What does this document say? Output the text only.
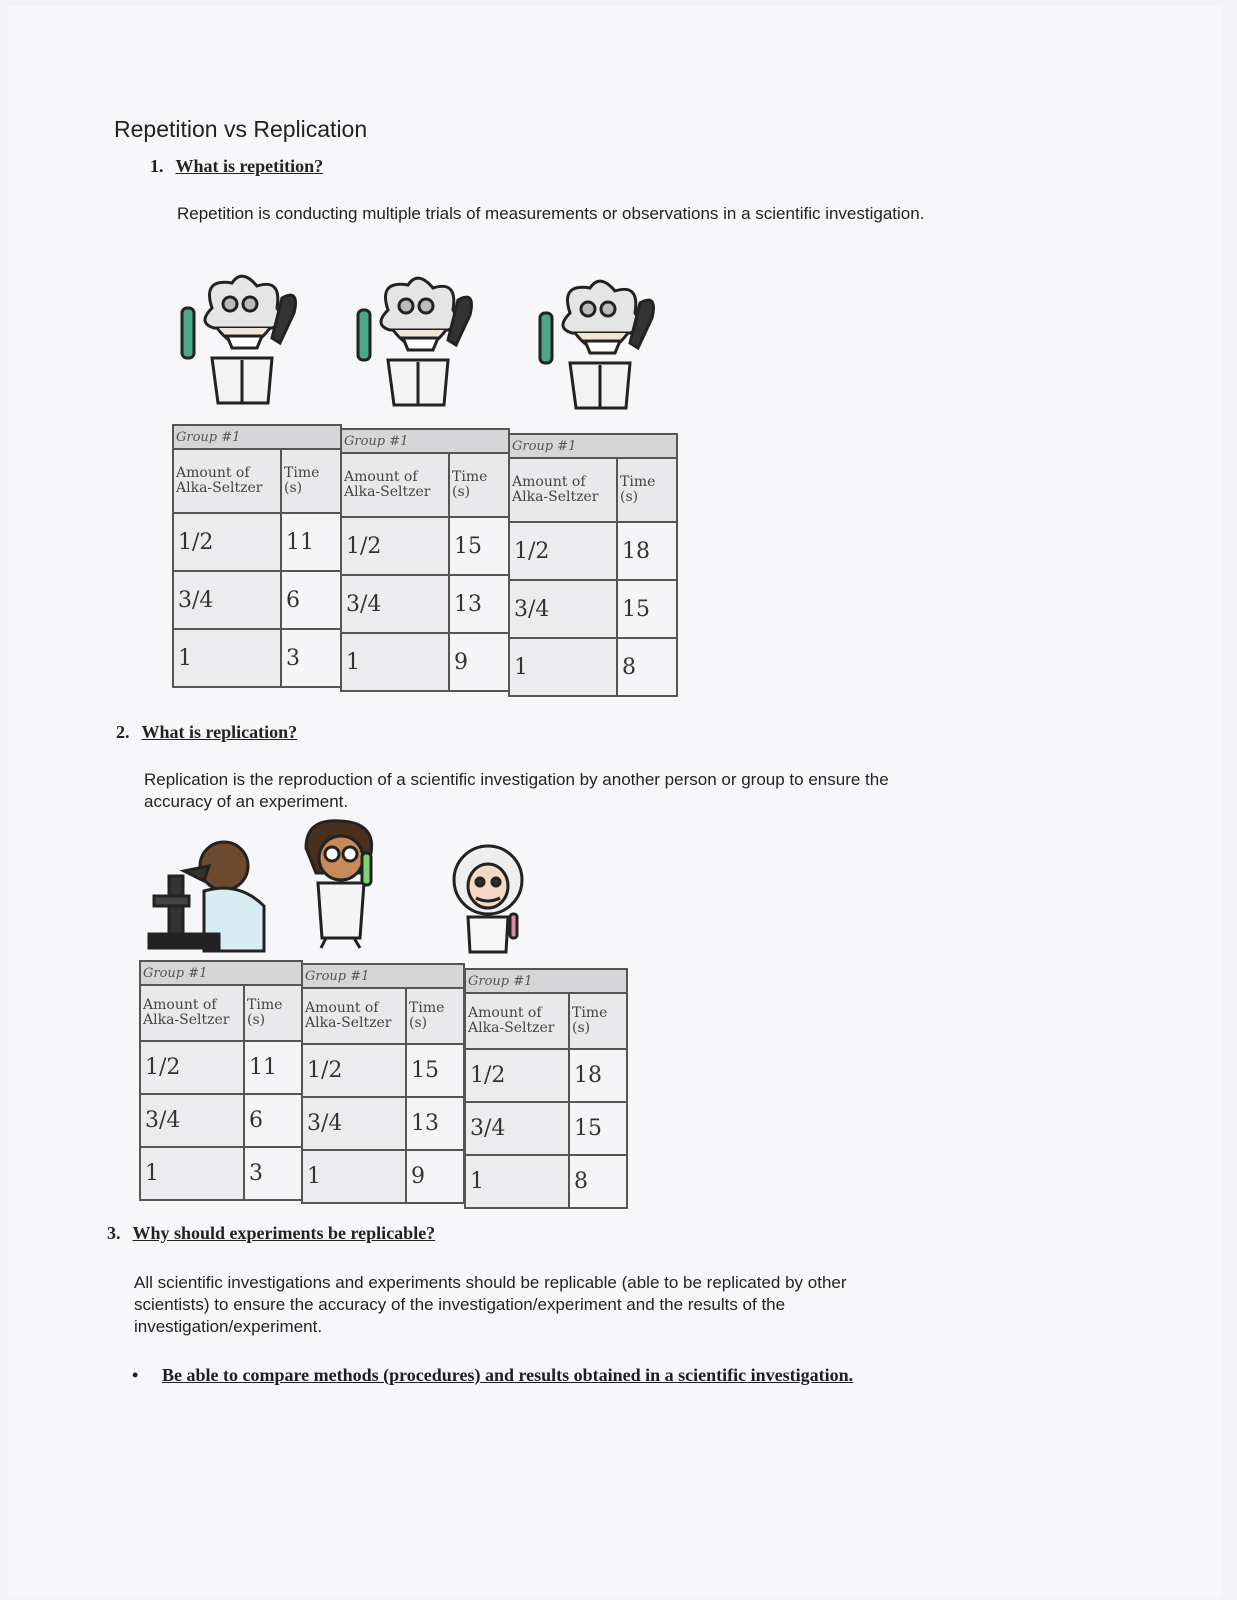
Repetition vs Replication
1. What is repetition?
Repetition is conducting multiple trials of measurements or observations in a scientific investigation.
Group #1	
Amount of Alka-Seltzer	Time (s)
1/2	11
3/4	6
1	3
Group #1	
Amount of Alka-Seltzer	Time (s)
1/2	15
3/4	13
1	9
Group #1	
Amount of Alka-Seltzer	Time (s)
1/2	18
3/4	15
1	8
2. What is replication?
Replication is the reproduction of a scientific investigation by another person or group to ensure the accuracy of an experiment.
Group #1	
Amount of Alka-Seltzer	Time (s)
1/2	11
3/4	6
1	3
Group #1	
Amount of Alka-Seltzer	Time (s)
1/2	15
3/4	13
1	9
Group #1	
Amount of Alka-Seltzer	Time (s)
1/2	18
3/4	15
1	8
3. Why should experiments be replicable?
All scientific investigations and experiments should be replicable (able to be replicated by other scientists) to ensure the accuracy of the investigation/experiment and the results of the investigation/experiment.
• Be able to compare methods (procedures) and results obtained in a scientific investigation.
